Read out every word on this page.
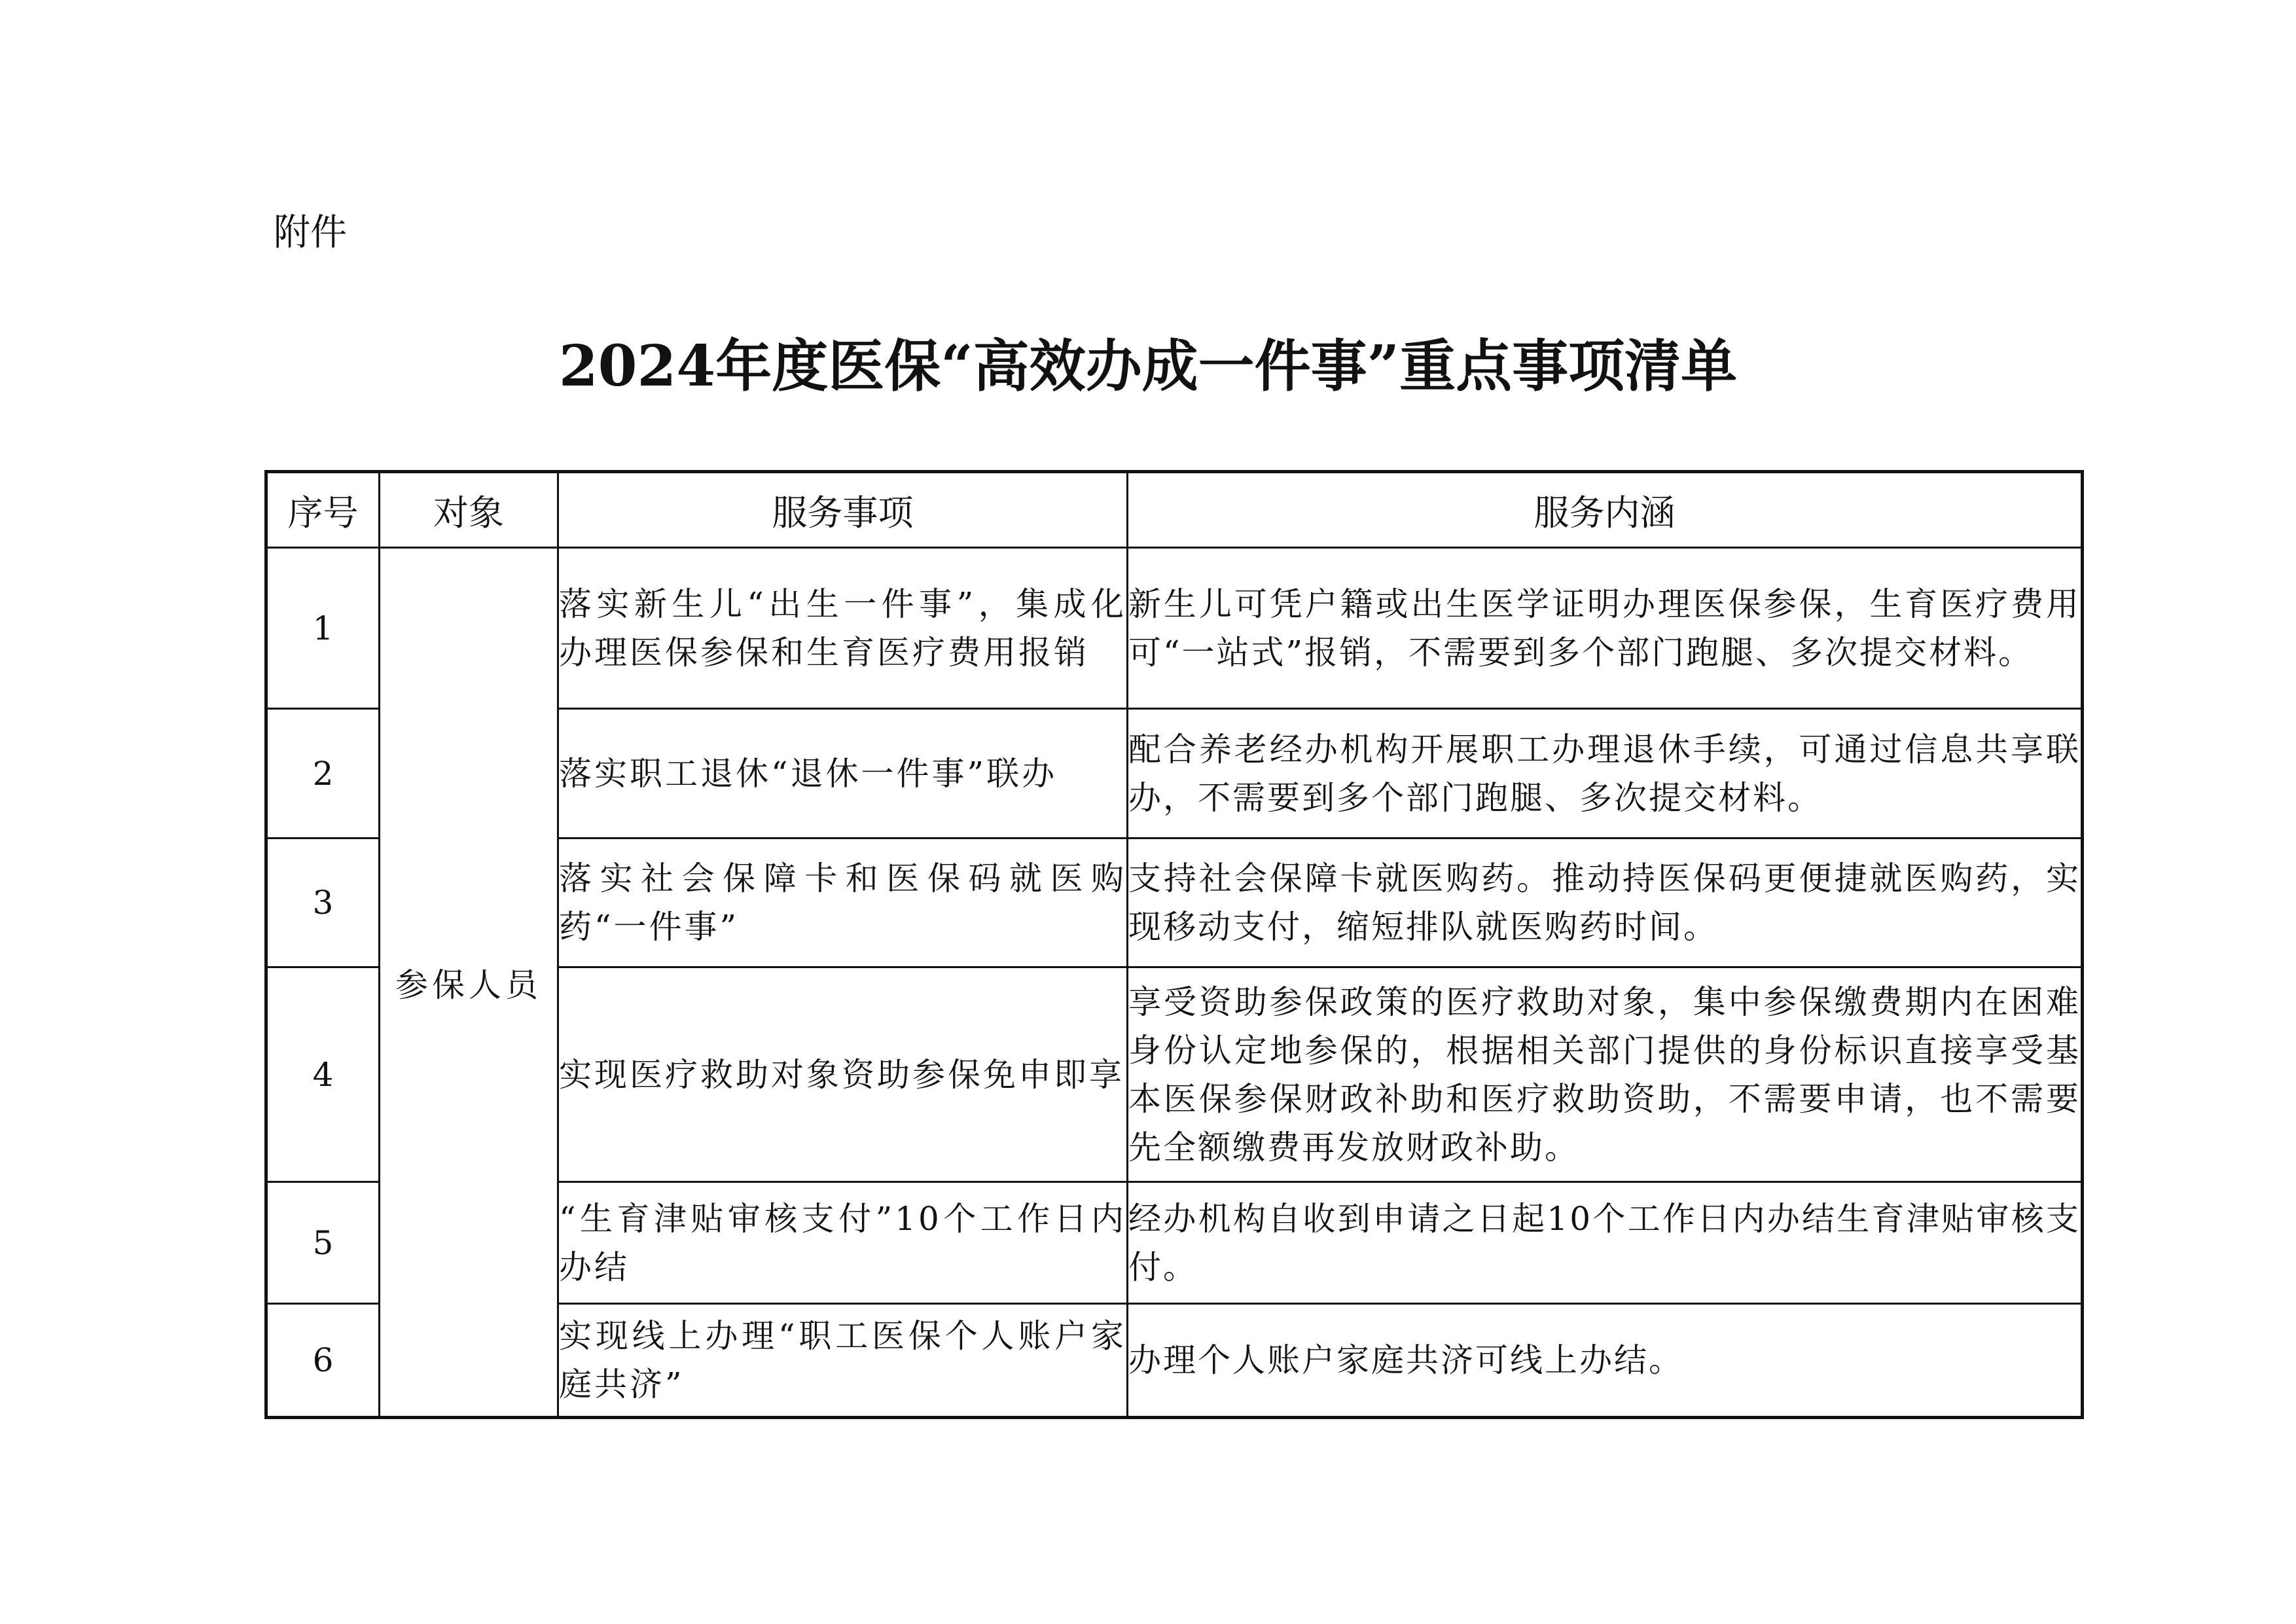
附件
2024年度医保“高效办成一件事”重点事项清单
序号	对象	服务事项	服务内涵
1	参保人员	落实新生儿“出生一件事”，集成化办理医保参保和生育医疗费用报销	新生儿可凭户籍或出生医学证明办理医保参保，生育医疗费用可“一站式”报销，不需要到多个部门跑腿、多次提交材料。
2		落实职工退休“退休一件事”联办	配合养老经办机构开展职工办理退休手续，可通过信息共享联办，不需要到多个部门跑腿、多次提交材料。
3		落实社会保障卡和医保码就医购药“一件事”	支持社会保障卡就医购药。推动持医保码更便捷就医购药，实现移动支付，缩短排队就医购药时间。
4		实现医疗救助对象资助参保免申即享	享受资助参保政策的医疗救助对象，集中参保缴费期内在困难身份认定地参保的，根据相关部门提供的身份标识直接享受基本医保参保财政补助和医疗救助资助，不需要申请，也不需要先全额缴费再发放财政补助。
5		“生育津贴审核支付”10个工作日内办结	经办机构自收到申请之日起10个工作日内办结生育津贴审核支付。
6		实现线上办理“职工医保个人账户家庭共济”	办理个人账户家庭共济可线上办结。
